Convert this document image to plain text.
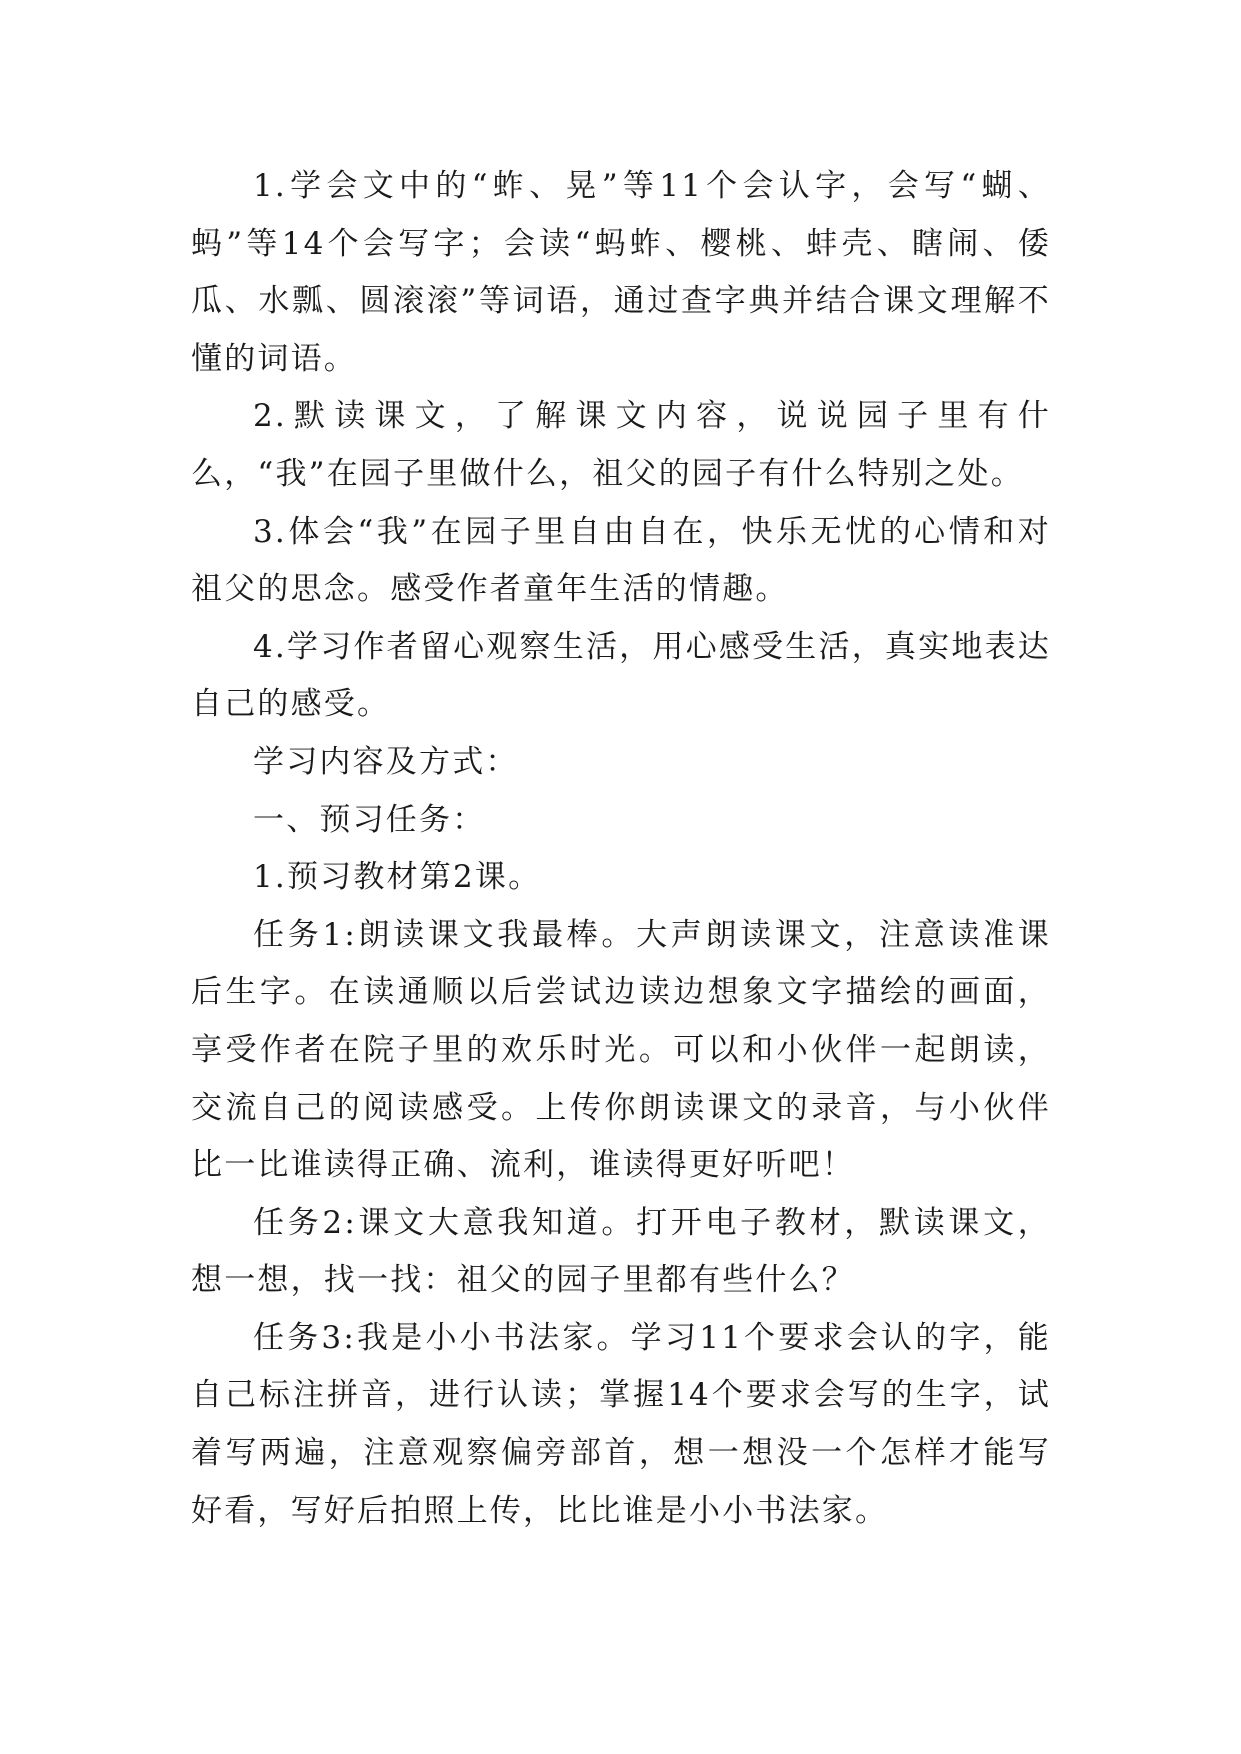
1.学会文中的“蚱、晃”等11个会认字，会写“蝴、蚂”等14个会写字；会读“蚂蚱、樱桃、蚌壳、瞎闹、倭瓜、水瓢、圆滚滚”等词语，通过查字典并结合课文理解不懂的词语。

2.默读课文，了解课文内容，说说园子里有什么，“我”在园子里做什么，祖父的园子有什么特别之处。

3.体会“我”在园子里自由自在，快乐无忧的心情和对祖父的思念。感受作者童年生活的情趣。

4.学习作者留心观察生活，用心感受生活，真实地表达自己的感受。

学习内容及方式：

一、预习任务：

1.预习教材第2课。

任务1:朗读课文我最棒。大声朗读课文，注意读准课后生字。在读通顺以后尝试边读边想象文字描绘的画面，享受作者在院子里的欢乐时光。可以和小伙伴一起朗读，交流自己的阅读感受。上传你朗读课文的录音，与小伙伴比一比谁读得正确、流利，谁读得更好听吧！

任务2:课文大意我知道。打开电子教材，默读课文，想一想，找一找：祖父的园子里都有些什么？

任务3:我是小小书法家。学习11个要求会认的字，能自己标注拼音，进行认读；掌握14个要求会写的生字，试着写两遍，注意观察偏旁部首，想一想没一个怎样才能写好看，写好后拍照上传，比比谁是小小书法家。
